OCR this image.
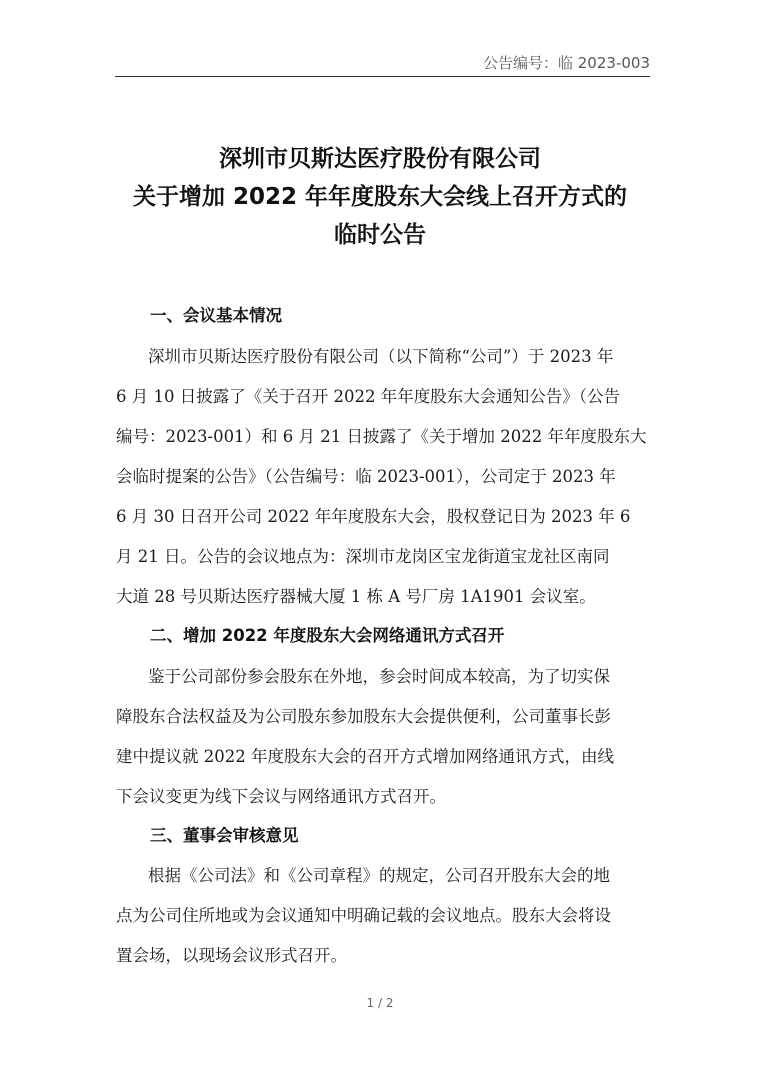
公告编号：临 2023-003
深圳市贝斯达医疗股份有限公司
关于增加 2022 年年度股东大会线上召开方式的
临时公告
一、会议基本情况
深圳市贝斯达医疗股份有限公司（以下简称“公司”）于 2023 年
6 月 10 日披露了《关于召开 2022 年年度股东大会通知公告》（公告
编号：2023-001）和 6 月 21 日披露了《关于增加 2022 年年度股东大
会临时提案的公告》（公告编号：临 2023-001），公司定于 2023 年
6 月 30 日召开公司 2022 年年度股东大会，股权登记日为 2023 年 6
月 21 日。公告的会议地点为：深圳市龙岗区宝龙街道宝龙社区南同
大道 28 号贝斯达医疗器械大厦 1 栋 A 号厂房 1A1901 会议室。
二、增加 2022 年度股东大会网络通讯方式召开
鉴于公司部份参会股东在外地，参会时间成本较高，为了切实保
障股东合法权益及为公司股东参加股东大会提供便利，公司董事长彭
建中提议就 2022 年度股东大会的召开方式增加网络通讯方式，由线
下会议变更为线下会议与网络通讯方式召开。
三、董事会审核意见
根据《公司法》和《公司章程》的规定，公司召开股东大会的地
点为公司住所地或为会议通知中明确记载的会议地点。股东大会将设
置会场，以现场会议形式召开。
1 / 2
